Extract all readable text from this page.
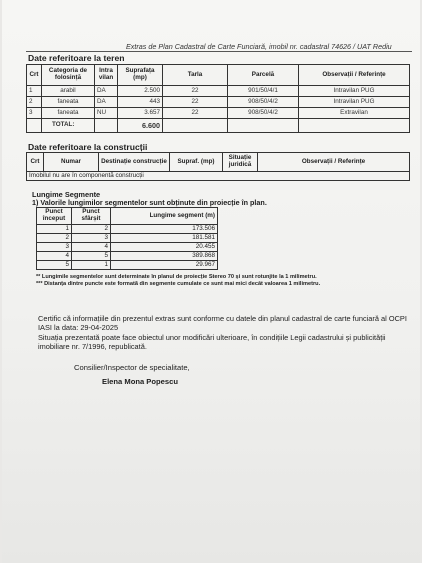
Extras de Plan Cadastral de Carte Funciară, imobil nr. cadastral 74626 / UAT Rediu
Date referitoare la teren
Crt	Categoria de folosință	Intra vilan	Suprafața (mp)	Tarla	Parcelă	Observații / Referințe
1	arabil	DA	2.500	22	901/50/4/1	Intravilan PUG
2	faneata	DA	443	22	908/50/4/2	Intravilan PUG
3	faneata	NU	3.657	22	908/50/4/2	Extravilan
	TOTAL:		6.600			
Date referitoare la construcții
Crt	Numar	Destinație construcție	Supraf. (mp)	Situație juridică	Observații / Referințe
Imobilul nu are în componentă construcții
Lungime Segmente
1) Valorile lungimilor segmentelor sunt obținute din proiecție în plan.
Punct început	Punct sfârșit	Lungime segment (m)
1	2	173.506
2	3	181.581
3	4	20.455
4	5	389.868
5	1	29.967
** Lungimile segmentelor sunt determinate în planul de proiecție Stereo 70 și sunt rotunjite la 1 milimetru.
*** Distanța dintre puncte este formată din segmente cumulate ce sunt mai mici decât valoarea 1 milimetru.
Certific că informațiile din prezentul extras sunt conforme cu datele din planul cadastral de carte funciară al OCPI IASI la data: 29-04-2025
Situația prezentată poate face obiectul unor modificări ulterioare, în condițiile Legii cadastrului și publicității imobiliare nr. 7/1996, republicată.
Consilier/Inspector de specialitate,
Elena Mona Popescu
